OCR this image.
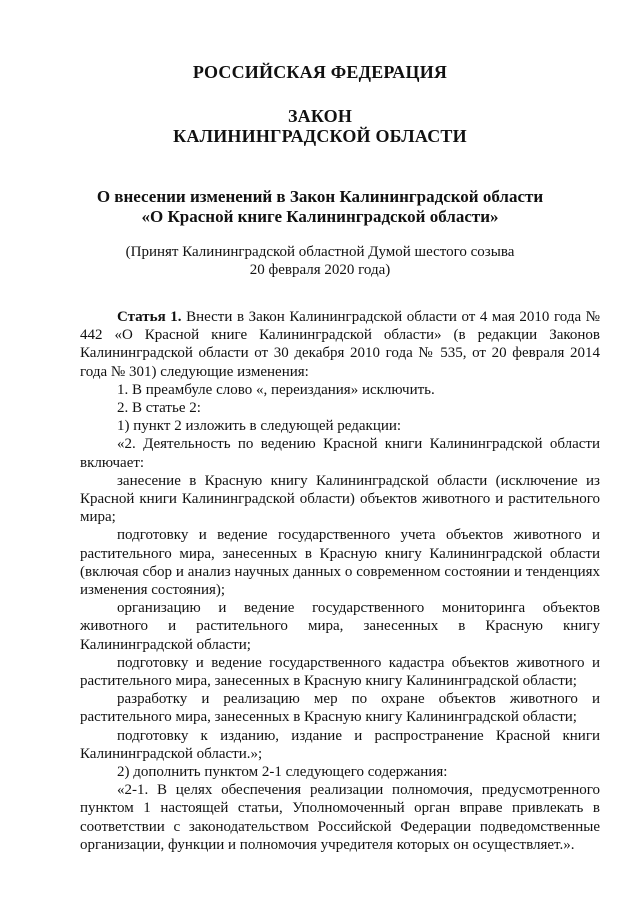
РОССИЙСКАЯ ФЕДЕРАЦИЯ
ЗАКОН
КАЛИНИНГРАДСКОЙ ОБЛАСТИ
О внесении изменений в Закон Калининградской области
«О Красной книге Калининградской области»
(Принят Калининградской областной Думой шестого созыва
20 февраля 2020 года)

Статья 1. Внести в Закон Калининградской области от 4 мая 2010 года № 442 «О Красной книге Калининградской области» (в редакции Законов Калининградской области от 30 декабря 2010 года № 535, от 20 февраля 2014 года № 301) следующие изменения:

1. В преамбуле слово «, переиздания» исключить.

2. В статье 2:

1) пункт 2 изложить в следующей редакции:

«2. Деятельность по ведению Красной книги Калининградской области включает:

занесение в Красную книгу Калининградской области (исключение из Красной книги Калининградской области) объектов животного и растительного мира;

подготовку и ведение государственного учета объектов животного и растительного мира, занесенных в Красную книгу Калининградской области (включая сбор и анализ научных данных о современном состоянии и тенденциях изменения состояния);

организацию и ведение государственного мониторинга объектов животного и растительного мира, занесенных в Красную книгу Калининградской области;

подготовку и ведение государственного кадастра объектов животного и растительного мира, занесенных в Красную книгу Калининградской области;

разработку и реализацию мер по охране объектов животного и растительного мира, занесенных в Красную книгу Калининградской области;

подготовку к изданию, издание и распространение Красной книги Калининградской области.»;

2) дополнить пунктом 2-1 следующего содержания:

«2-1. В целях обеспечения реализации полномочия, предусмотренного пунктом 1 настоящей статьи, Уполномоченный орган вправе привлекать в соответствии с законодательством Российской Федерации подведомственные организации, функции и полномочия учредителя которых он осуществляет.».
